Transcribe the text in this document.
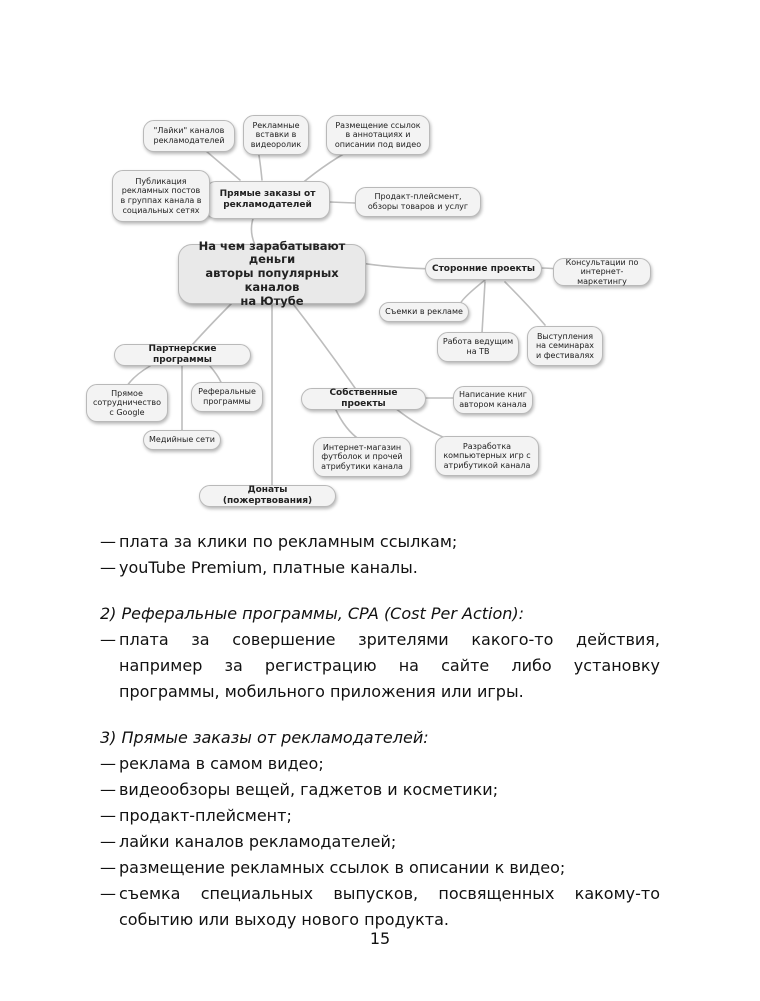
На чем зарабатывают деньги
авторы популярных каналов
на Ютубе
Прямые заказы от
рекламодателей
"Лайки" каналов
рекламодателей
Рекламные
вставки в
видеоролик
Размещение ссылок
в аннотациях и
описании под видео
Публикация
рекламных постов
в группах канала в
социальных сетях
Продакт-плейсмент,
обзоры товаров и услуг
Сторонние проекты
Консультации по
интернет-маркетингу
Съемки в рекламе
Работа ведущим
на ТВ
Выступления
на семинарах
и фестивалях
Партнерские программы
Прямое
сотрудничество
с Google
Реферальные
программы
Медийные сети
Собственные проекты
Написание книг
автором канала
Разработка
компьютерных игр с
атрибутикой канала
Интернет-магазин
футболок и прочей
атрибутики канала
Донаты (пожертвования)

— плата за клики по рекламным ссылкам;

— youTube Premium, платные каналы.

2) Реферальные программы, CPA (Cost Per Action):

— плата за совершение зрителями какого-то действия, например за регистрацию на сайте либо установку программы, мобильного приложения или игры.

3) Прямые заказы от рекламодателей:

— реклама в самом видео;

— видеообзоры вещей, гаджетов и косметики;

— продакт-плейсмент;

— лайки каналов рекламодателей;

— размещение рекламных ссылок в описании к видео;

— съемка специальных выпусков, посвященных какому-то событию или выходу нового продукта.

15
